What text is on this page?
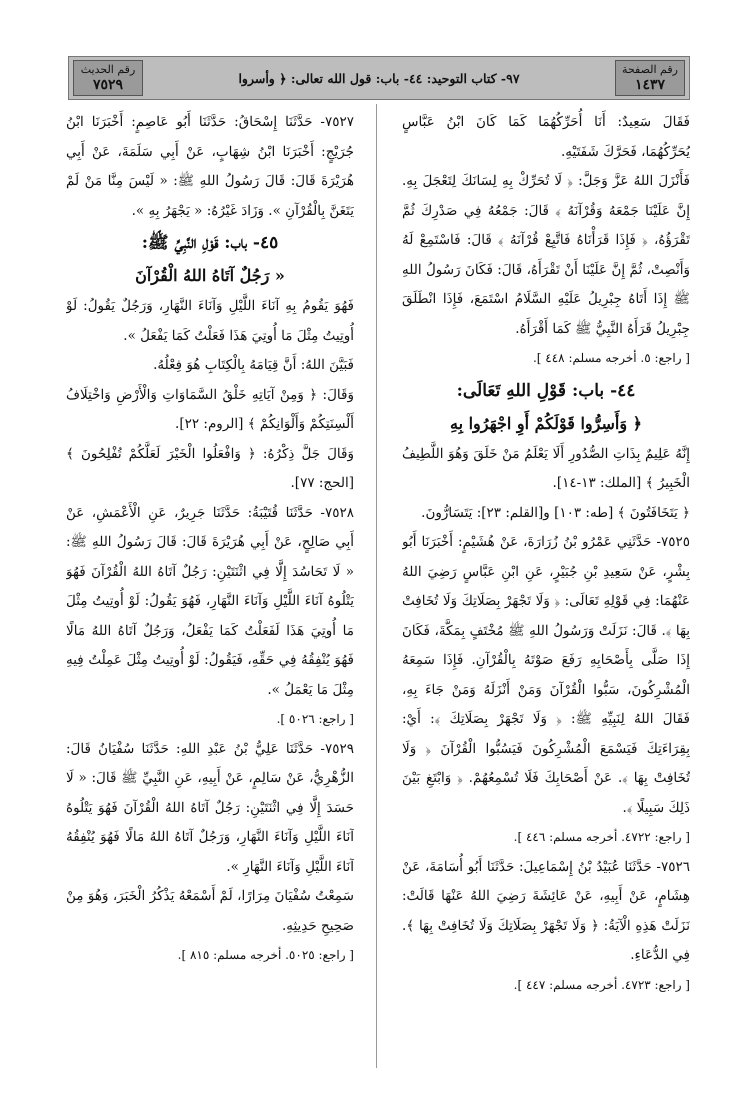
رقم الصفحة
١٤٣٧
٩٧- كتاب التوحيد: ٤٤- باب: قول الله تعالى: ﴿ وأسروا
رقم الحديث
٧٥٢٩

فَقَالَ سَعِيدٌ: أَنَا أُحَرِّكُهُمَا كَمَا كَانَ ابْنُ عَبَّاسٍ يُحَرِّكُهُمَا، فَحَرَّكَ شَفَتَيْهِ.

فَأَنْزَلَ اللهُ عَزَّ وَجَلَّ: ﴿ لَا تُحَرِّكْ بِهِ لِسَانَكَ لِتَعْجَلَ بِهِ. إِنَّ عَلَيْنَا جَمْعَهُ وَقُرْآنَهُ ﴾ قَالَ: جَمْعُهُ فِي صَدْرِكَ ثُمَّ تَقْرَؤُهُ، ﴿ فَإِذَا قَرَأْنَاهُ فَاتَّبِعْ قُرْآنَهُ ﴾ قَالَ: فَاسْتَمِعْ لَهُ وَأَنْصِتْ، ثُمَّ إِنَّ عَلَيْنَا أَنْ تَقْرَأَهُ، قَالَ: فَكَانَ رَسُولُ اللهِ ﷺ إِذَا أَتَاهُ جِبْرِيلُ عَلَيْهِ السَّلَامُ اسْتَمَعَ، فَإِذَا انْطَلَقَ جِبْرِيلُ قَرَأَهُ النَّبِيُّ ﷺ كَمَا أَقْرَأَهُ.

[ راجع: ٥. أخرجه مسلم: ٤٤٨ ].

٤٤- باب: قَوْلِ اللهِ تَعَالَى:
﴿ وَأَسِرُّوا قَوْلَكُمْ أَوِ اجْهَرُوا بِهِ

إِنَّهُ عَلِيمٌ بِذَاتِ الصُّدُورِ أَلَا يَعْلَمُ مَنْ خَلَقَ وَهُوَ اللَّطِيفُ الْخَبِيرُ ﴾ [الملك: ١٣-١٤].

﴿ يَتَخَافَتُونَ ﴾ [طه: ١٠٣] و[القلم: ٢٣]: يَتَسَارُّونَ.

٧٥٢٥- حَدَّثَنِي عَمْرُو بْنُ زُرَارَةَ، عَنْ هُشَيْمٍ: أَخْبَرَنَا أَبُو بِشْرٍ، عَنْ سَعِيدِ بْنِ جُبَيْرٍ، عَنِ ابْنِ عَبَّاسٍ رَضِيَ اللهُ عَنْهُمَا: فِي قَوْلِهِ تَعَالَى: ﴿ وَلَا تَجْهَرْ بِصَلَاتِكَ وَلَا تُخَافِتْ بِهَا ﴾. قَالَ: نَزَلَتْ وَرَسُولُ اللهِ ﷺ مُخْتَفٍ بِمَكَّةَ، فَكَانَ إِذَا صَلَّى بِأَصْحَابِهِ رَفَعَ صَوْتَهُ بِالْقُرْآنِ. فَإِذَا سَمِعَهُ الْمُشْرِكُونَ، سَبُّوا الْقُرْآنَ وَمَنْ أَنْزَلَهُ وَمَنْ جَاءَ بِهِ، فَقَالَ اللهُ لِنَبِيِّهِ ﷺ: ﴿ وَلَا تَجْهَرْ بِصَلَاتِكَ ﴾: أَيْ: بِقِرَاءَتِكَ فَيَسْمَعَ الْمُشْرِكُونَ فَيَسُبُّوا الْقُرْآنَ ﴿ وَلَا تُخَافِتْ بِهَا ﴾. عَنْ أَصْحَابِكَ فَلَا تُسْمِعُهُمْ. ﴿ وَابْتَغِ بَيْنَ ذَلِكَ سَبِيلًا ﴾.

[ راجع: ٤٧٢٢. أخرجه مسلم: ٤٤٦ ].

٧٥٢٦- حَدَّثَنَا عُبَيْدُ بْنُ إِسْمَاعِيلَ: حَدَّثَنَا أَبُو أُسَامَةَ، عَنْ هِشَامٍ، عَنْ أَبِيهِ، عَنْ عَائِشَةَ رَضِيَ اللهُ عَنْهَا قَالَتْ: نَزَلَتْ هَذِهِ الْآيَةُ: ﴿ وَلَا تَجْهَرْ بِصَلَاتِكَ وَلَا تُخَافِتْ بِهَا ﴾. فِي الدُّعَاءِ.

[ راجع: ٤٧٢٣. أخرجه مسلم: ٤٤٧ ].

٧٥٢٧- حَدَّثَنَا إِسْحَاقُ: حَدَّثَنَا أَبُو عَاصِمٍ: أَخْبَرَنَا ابْنُ جُرَيْجٍ: أَخْبَرَنَا ابْنُ شِهَابٍ، عَنْ أَبِي سَلَمَةَ، عَنْ أَبِي هُرَيْرَةَ قَالَ: قَالَ رَسُولُ اللهِ ﷺ: « لَيْسَ مِنَّا مَنْ لَمْ يَتَغَنَّ بِالْقُرْآنِ ». وَزَادَ غَيْرُهُ: « يَجْهَرُ بِهِ ».

٤٥- باب: قَوْلِ النَّبِيِّ ﷺ:
« رَجُلٌ آتَاهُ اللهُ الْقُرْآنَ

فَهُوَ يَقُومُ بِهِ آنَاءَ اللَّيْلِ وَآنَاءَ النَّهَارِ، وَرَجُلٌ يَقُولُ: لَوْ أُوتِيتُ مِثْلَ مَا أُوتِيَ هَذَا فَعَلْتُ كَمَا يَفْعَلُ ».

فَبَيَّنَ اللهُ: أَنَّ قِيَامَهُ بِالْكِتَابِ هُوَ فِعْلُهُ.

وَقَالَ: ﴿ وَمِنْ آيَاتِهِ خَلْقُ السَّمَاوَاتِ وَالْأَرْضِ وَاخْتِلَافُ أَلْسِنَتِكُمْ وَأَلْوَانِكُمْ ﴾ [الروم: ٢٢].

وَقَالَ جَلَّ ذِكْرُهُ: ﴿ وَافْعَلُوا الْخَيْرَ لَعَلَّكُمْ تُفْلِحُونَ ﴾ [الحج: ٧٧].

٧٥٢٨- حَدَّثَنَا قُتَيْبَةُ: حَدَّثَنَا جَرِيرٌ، عَنِ الْأَعْمَشِ، عَنْ أَبِي صَالِحٍ، عَنْ أَبِي هُرَيْرَةَ قَالَ: قَالَ رَسُولُ اللهِ ﷺ: « لَا تَحَاسُدَ إِلَّا فِي اثْنَتَيْنِ: رَجُلٌ آتَاهُ اللهُ الْقُرْآنَ فَهُوَ يَتْلُوهُ آنَاءَ اللَّيْلِ وَآنَاءَ النَّهَارِ، فَهُوَ يَقُولُ: لَوْ أُوتِيتُ مِثْلَ مَا أُوتِيَ هَذَا لَفَعَلْتُ كَمَا يَفْعَلُ، وَرَجُلٌ آتَاهُ اللهُ مَالًا فَهُوَ يُنْفِقُهُ فِي حَقِّهِ، فَيَقُولُ: لَوْ أُوتِيتُ مِثْلَ عَمِلْتُ فِيهِ مِثْلَ مَا يَعْمَلُ ».

[ راجع: ٥٠٢٦ ].

٧٥٢٩- حَدَّثَنَا عَلِيُّ بْنُ عَبْدِ اللهِ: حَدَّثَنَا سُفْيَانُ قَالَ: الزُّهْرِيُّ، عَنْ سَالِمٍ، عَنْ أَبِيهِ، عَنِ النَّبِيِّ ﷺ قَالَ: « لَا حَسَدَ إِلَّا فِي اثْنَتَيْنِ: رَجُلٌ آتَاهُ اللهُ الْقُرْآنَ فَهُوَ يَتْلُوهُ آنَاءَ اللَّيْلِ وَآنَاءَ النَّهَارِ، وَرَجُلٌ آتَاهُ اللهُ مَالًا فَهُوَ يُنْفِقُهُ آنَاءَ اللَّيْلِ وَآنَاءَ النَّهَارِ ».

سَمِعْتُ سُفْيَانَ مِرَارًا، لَمْ أَسْمَعْهُ يَذْكُرُ الْخَبَرَ، وَهُوَ مِنْ صَحِيحِ حَدِيثِهِ.

[ راجع: ٥٠٢٥. أخرجه مسلم: ٨١٥ ].
